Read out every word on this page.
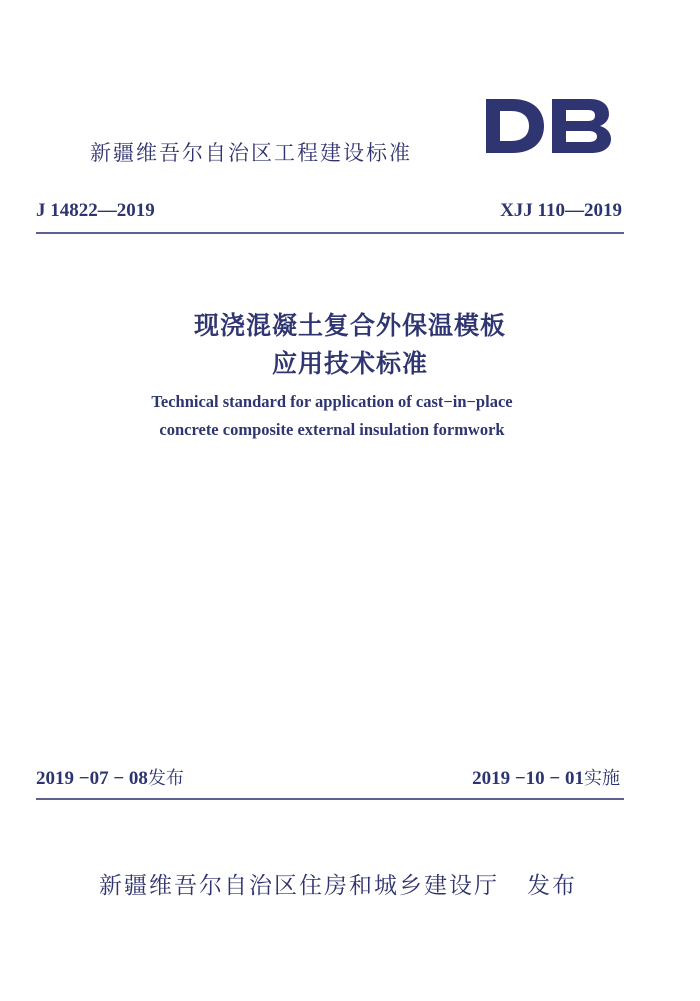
新疆维吾尔自治区工程建设标准
J 14822—2019	XJJ 110—2019
现浇混凝土复合外保温模板
应用技术标准
Technical standard for application of cast−in−place
concrete composite external insulation formwork
2019 −07 − 08发布	2019 −10 − 01实施
新疆维吾尔自治区住房和城乡建设厅 发布
